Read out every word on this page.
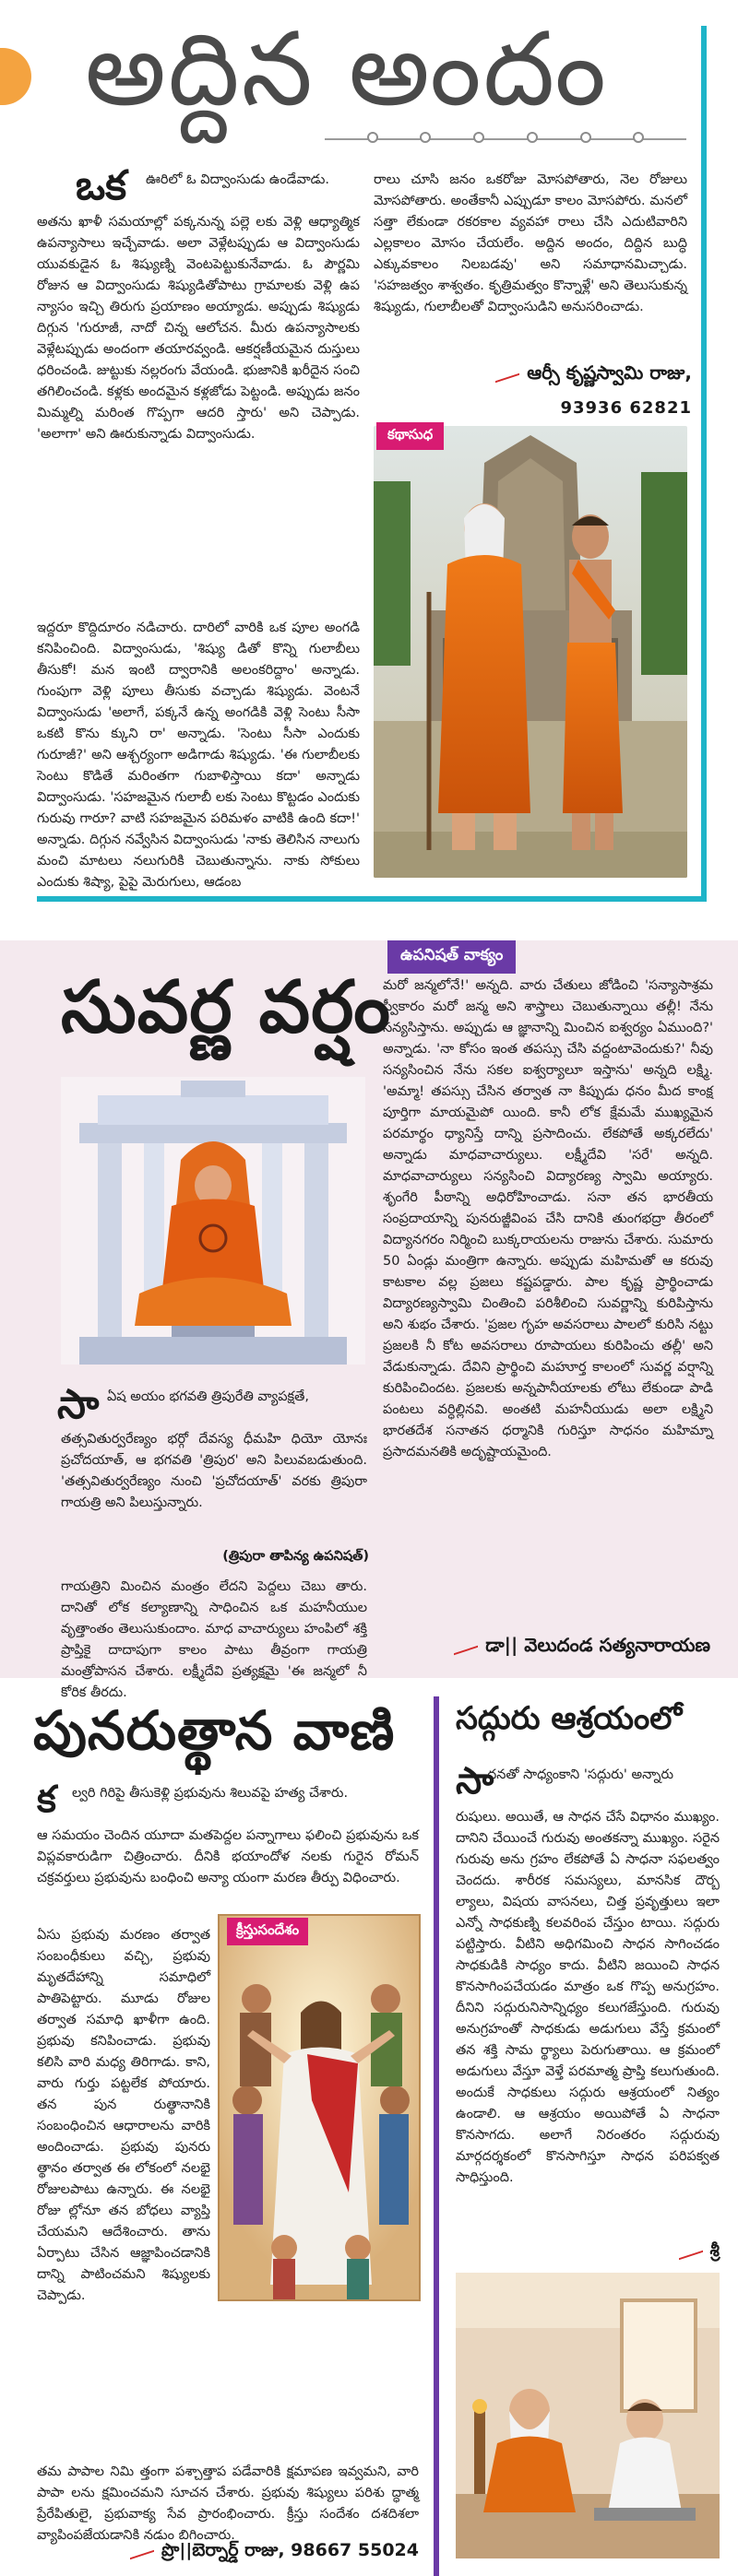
అద్దిన అందం
ఒక ఊరిలో ఓ విద్వాంసుడు ఉండేవాడు.

అతను ఖాళీ సమయాల్లో పక్కనున్న పల్లె లకు వెళ్లి ఆధ్యాత్మిక ఉపన్యాసాలు ఇచ్చేవాడు. అలా వెళ్లేటప్పుడు ఆ విద్వాంసుడు యువకుడైన ఓ శిష్యుణ్ని వెంటపెట్టుకునేవాడు. ఓ పౌర్ణమి రోజున ఆ విద్వాంసుడు శిష్యుడితోపాటు గ్రామాలకు వెళ్లి ఉప న్యాసం ఇచ్చి తిరుగు ప్రయాణం అయ్యాడు. అప్పుడు శిష్యుడు దిగ్గున 'గురూజీ, నాదో చిన్న ఆలోచన. మీరు ఉపన్యాసాలకు వెళ్లేటప్పుడు అందంగా తయారవ్వండి. ఆకర్షణీయమైన దుస్తులు ధరించండి. జుట్టుకు నల్లరంగు వేయండి. భుజానికి ఖరీదైన సంచి తగిలించండి. కళ్లకు అందమైన కళ్లజోడు పెట్టండి. అప్పుడు జనం మిమ్మల్ని మరింత గొప్పగా ఆదరి స్తారు' అని చెప్పాడు. 'అలాగా' అని ఊరుకున్నాడు విద్వాంసుడు.

ఇద్దరూ కొద్దిదూరం నడిచారు. దారిలో వారికి ఒక పూల అంగడి కనిపించింది. విద్వాంసుడు, 'శిష్యు డితో కొన్ని గులాబీలు తీసుకో! మన ఇంటి ద్వారానికి అలంకరిద్దాం' అన్నాడు. గుంపుగా వెళ్లి పూలు తీసుకు వచ్చాడు శిష్యుడు. వెంటనే విద్వాంసుడు 'అలాగే, పక్కనే ఉన్న అంగడికి వెళ్లి సెంటు సీసా ఒకటి కొను క్కుని రా' అన్నాడు. 'సెంటు సీసా ఎందుకు గురూజీ?' అని ఆశ్చర్యంగా అడిగాడు శిష్యుడు. 'ఈ గులాబీలకు సెంటు కొడితే మరింతగా గుబాళిస్తాయి కదా' అన్నాడు విద్వాంసుడు. 'సహజమైన గులాబీ లకు సెంటు కొట్టడం ఎందుకు గురువు గారూ? వాటి సహజమైన పరిమళం వాటికి ఉంది కదా!' అన్నాడు. దిగ్గున నవ్వేసిన విద్వాంసుడు 'నాకు తెలిసిన నాలుగు మంచి మాటలు నలుగురికి చెబుతున్నాను. నాకు సోకులు ఎందుకు శిష్యా, పైపై మెరుగులు, ఆడంబ

రాలు చూసి జనం ఒకరోజు మోసపోతారు, నెల రోజులు మోసపోతారు. అంతేకానీ ఎప్పుడూ కాలం మోసపోరు. మనలో సత్తా లేకుండా రకరకాల వ్యవహా రాలు చేసి ఎదుటివారిని ఎల్లకాలం మోసం చేయలేం. అద్దిన అందం, దిద్దిన బుద్ధి ఎక్కువకాలం నిలబడవు' అని సమాధానమిచ్చాడు. 'సహజత్వం శాశ్వతం. కృత్రిమత్వం కొన్నాళ్లే' అని తెలుసుకున్న శిష్యుడు, గులాబీలతో విద్వాంసుడిని అనుసరించాడు.

ఆర్సీ కృష్ణస్వామి రాజు,
93936 62821
కథాసుధ
ఉపనిషత్ వాక్యం
సువర్ణ వర్షం
సా ఏష అయం భగవతి త్రిపురేతి వ్యాపక్షతే,

తత్సవితుర్వరేణ్యం భర్గో దేవస్య ధీమహి ధియో యోనః ప్రచోదయాత్, ఆ భగవతి 'త్రిపుర' అని పిలువబడుతుంది. 'తత్సవితుర్వరేణ్యం నుంచి 'ప్రచోదయాత్' వరకు త్రిపురా గాయత్రి అని పిలుస్తున్నారు.

(త్రిపురా తాపిన్య ఉపనిషత్)

గాయత్రిని మించిన మంత్రం లేదని పెద్దలు చెబు తారు. దానితో లోక కల్యాణాన్ని సాధించిన ఒక మహనీయుల వృత్తాంతం తెలుసుకుందాం. మాధ వాచార్యులు హంపిలో శక్తి ప్రాప్తికై దాదాపుగా కాలం పాటు తీవ్రంగా గాయత్రి మంత్రోపాసన చేశారు. లక్ష్మీదేవి ప్రత్యక్షమై 'ఈ జన్మలో నీ కోరిక తీరదు.

మరో జన్మలోనే!' అన్నది. వారు చేతులు జోడించి 'సన్యాసాశ్రమ స్వీకారం మరో జన్మ అని శాస్త్రాలు చెబుతున్నాయి తల్లీ! నేను సన్యసిస్తాను. అప్పుడు ఆ జ్ఞానాన్ని మించిన ఐశ్వర్యం ఏముంది?' అన్నాడు. 'నా కోసం ఇంత తపస్సు చేసి వద్దంటావెందుకు?' నీవు సన్యసించిన నేను సకల ఐశ్వర్యాలూ ఇస్తాను' అన్నది లక్ష్మి. 'అమ్మా! తపస్సు చేసిన తర్వాత నా కిప్పుడు ధనం మీద కాంక్ష పూర్తిగా మాయమైపో యింది. కానీ లోక క్షేమమే ముఖ్యమైన పరమార్థం ధ్యానిస్తే దాన్ని ప్రసాదించు. లేకపోతే అక్కరలేదు' అన్నాడు మాధవాచార్యులు. లక్ష్మీదేవి 'సరే' అన్నది. మాధవాచార్యులు సన్యసించి విద్యారణ్య స్వామి అయ్యారు. శృంగేరి పీఠాన్ని అధిరోహించాడు. సనా తన భారతీయ సంప్రదాయాన్ని పునరుజ్జీవింప చేసి దానికి తుంగభద్రా తీరంలో విద్యానగరం నిర్మించి బుక్కరాయలను రాజును చేశారు. సుమారు 50 ఏండ్లు మంత్రిగా ఉన్నారు. అప్పుడు మహిమతో ఆ కరువు కాటకాల వల్ల ప్రజలు కష్టపడ్డారు. పాల కృష్ణ ప్రార్థించాడు విద్యారణ్యస్వామి చింతించి పరిశీలించి సువర్ణాన్ని కురిపిస్తాను అని శుభం చేశారు. 'ప్రజల గృహ అవసరాలు పాలలో కురిసి నట్టు ప్రజలకి నీ కోట అవసరాలు రూపాయలు కురిపించు తల్లీ' అని వేడుకున్నాడు. దేవిని ప్రార్థించి మహూర్త కాలంలో సువర్ణ వర్షాన్ని కురిపించిందట. ప్రజలకు అన్నపానీయాలకు లోటు లేకుండా పాడి పంటలు వర్ధిల్లినవి. అంతటి మహనీయుడు అలా లక్ష్మిని భారతదేశ సనాతన ధర్మానికి గురిస్తూ సాధనం మహిమ్నా ప్రసాదమనతికి అదృష్టాయమైంది.

డా|| వెలుదండ సత్యనారాయణ
పునరుత్థాన వాణి
క ల్వరి గిరిపై తీసుకెళ్లి ప్రభువును శిలువపై హత్య చేశారు.

ఆ సమయం చెందిన యూదా మతపెద్దల పన్నాగాలు ఫలించి ప్రభువును ఒక విప్లవకారుడిగా చిత్రించారు. దీనికి భయాందోళ నలకు గురైన రోమన్ చక్రవర్తులు ప్రభువును బంధించి అన్యా యంగా మరణ తీర్పు విధించారు.

ఏసు ప్రభువు మరణం తర్వాత సంబంధీకులు వచ్చి, ప్రభువు మృతదేహాన్ని సమాధిలో పాతిపెట్టారు. మూడు రోజుల తర్వాత సమాధి ఖాళీగా ఉంది. ప్రభువు కనిపించాడు. ప్రభువు కలిసి వారి మధ్య తిరిగాడు. కాని, వారు గుర్తు పట్టలేక పోయారు. తన పున రుత్థానానికి సంబంధించిన ఆధారాలను వారికి అందించాడు. ప్రభువు పునరు త్థానం తర్వాత ఈ లోకంలో నలభై రోజులపాటు ఉన్నారు. ఈ నలభై రోజు ల్లోనూ తన బోధలు వ్యాప్తి చేయమని ఆదేశించారు. తాను ఏర్పాటు చేసిన ఆజ్ఞాపించడానికి దాన్ని పాటించమని శిష్యులకు చెప్పాడు.

క్రీస్తుసందేశం

తమ పాపాల నిమి త్తంగా పశ్చాత్తాప పడేవారికి క్షమాపణ ఇవ్వమని, వారి పాపా లను క్షమించమని సూచన చేశారు. ప్రభువు శిష్యులు పరిశు ద్ధాత్మ ప్రేరేపితులై, ప్రభువాక్య సేవ ప్రారంభించారు. క్రీస్తు సందేశం దశదిశలా వ్యాపింపజేయడానికి నడుం బిగించారు.

ప్రొ||బెర్నార్డ్ రాజు, 98667 55024
సద్గురు ఆశ్రయంలో
సా

ధనతో సాధ్యంకాని 'సద్గురు' అన్నారు

రుషులు. అయితే, ఆ సాధన చేసే విధానం ముఖ్యం. దానిని చేయించే గురువు అంతకన్నా ముఖ్యం. సరైన గురువు అను గ్రహం లేకపోతే ఏ సాధనా సఫలత్వం చెందదు. శారీరక సమస్యలు, మానసిక దౌర్బ ల్యాలు, విషయ వాసనలు, చిత్త ప్రవృత్తులు ఇలా ఎన్నో సాధకుణ్ని కలవరింప చేస్తుం టాయి. సద్గురు పట్టిస్తారు. వీటిని అధిగమించి సాధన సాగించడం సాధకుడికి సాధ్యం కాదు. వీటిని జయించి సాధన కొనసాగింపచేయడం మాత్రం ఒక గొప్ప అనుగ్రహం. దీనిని సద్గురునిసాన్నిధ్యం కలుగజేస్తుంది. గురువు అనుగ్రహంతో సాధకుడు అడుగులు వేస్తే క్రమంలో తన శక్తి సామ ర్థ్యాలు పెరుగుతాయి. ఆ క్రమంలో అడుగులు వేస్తూ వెళ్తే పరమాత్మ ప్రాప్తి కలుగుతుంది. అందుకే సాధకులు సద్గురు ఆశ్రయంలో నిత్యం ఉండాలి. ఆ ఆశ్రయం అయిపోతే ఏ సాధనా కొనసాగదు. అలాగే నిరంతరం సద్గురువు మార్గదర్శకంలో కొనసాగిస్తూ సాధన పరిపక్వత సాధిస్తుంది.

శ్రీ
